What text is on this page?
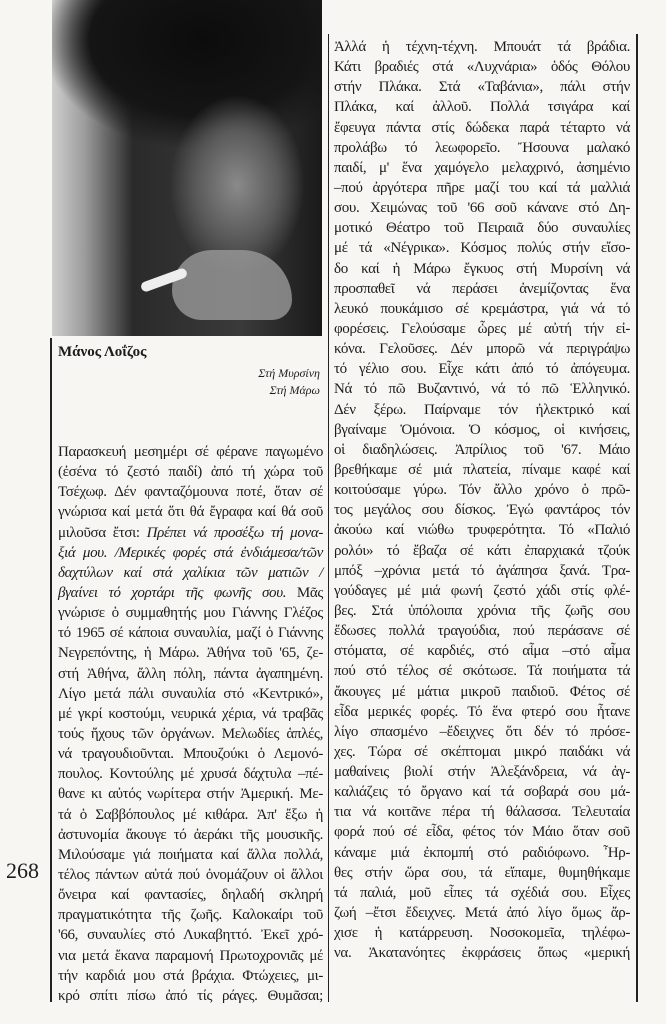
Μάνος Λοΐζος
Στή Μυρσίνη
Στή Μάρω
Παρασκευή μεσημέρι σέ φέρανε παγωμένο
(ἐσένα τό ζεστό παιδί) ἀπό τή χώρα τοῦ
Τσέχωφ. Δέν φανταζόμουνα ποτέ, ὅταν σέ
γνώρισα καί μετά ὅτι θά ἔγραφα καί θά σοῦ
μιλοῦσα ἔτσι: Πρέπει νά προσέξω τή μονα-
ξιά μου. /Μερικές φορές στά ἐνδιάμεσα/τῶν
δαχτύλων καί στά χαλίκια τῶν ματιῶν /
βγαίνει τό χορτάρι τῆς φωνῆς σου. Μᾶς
γνώρισε ὁ συμμαθητής μου Γιάννης Γλέζος
τό 1965 σέ κάποια συναυλία, μαζί ὁ Γιάννης
Νεγρεπόντης, ἡ Μάρω. Ἀθήνα τοῦ '65, ζε-
στή Ἀθήνα, ἄλλη πόλη, πάντα ἀγαπημένη.
Λίγο μετά πάλι συναυλία στό «Κεντρικό»,
μέ γκρί κοστούμι, νευρικά χέρια, νά τραβᾶς
τούς ἤχους τῶν ὀργάνων. Μελωδίες ἁπλές,
νά τραγουδιοῦνται. Μπουζούκι ὁ Λεμονό-
πουλος. Κοντούλης μέ χρυσά δάχτυλα –πέ-
θανε κι αὐτός νωρίτερα στήν Ἀμερική. Με-
τά ὁ Σαββόπουλος μέ κιθάρα. Ἀπ' ἔξω ἡ
ἀστυνομία ἄκουγε τό ἀεράκι τῆς μουσικῆς.
Μιλούσαμε γιά ποιήματα καί ἄλλα πολλά,
τέλος πάντων αὐτά πού ὀνομάζουν οἱ ἄλλοι
ὄνειρα καί φαντασίες, δηλαδή σκληρή
πραγματικότητα τῆς ζωῆς. Καλοκαίρι τοῦ
'66, συναυλίες στό Λυκαβηττό. Ἐκεῖ χρό-
νια μετά ἔκανα παραμονή Πρωτοχρονιᾶς μέ
τήν καρδιά μου στά βράχια. Φτώχειες, μι-
κρό σπίτι πίσω ἀπό τίς ράγες. Θυμᾶσαι;
Ἀλλά ἡ τέχνη-τέχνη. Μπουάτ τά βράδια.
Κάτι βραδιές στά «Λυχνάρια» ὁδός Θόλου
στήν Πλάκα. Στά «Ταβάνια», πάλι στήν
Πλάκα, καί ἀλλοῦ. Πολλά τσιγάρα καί
ἔφευγα πάντα στίς δώδεκα παρά τέταρτο νά
προλάβω τό λεωφορεῖο. Ἤσουνα μαλακό
παιδί, μ' ἕνα χαμόγελο μελαχρινό, ἀσημένιο
–πού ἀργότερα πῆρε μαζί του καί τά μαλλιά
σου. Χειμώνας τοῦ '66 σοῦ κάνανε στό Δη-
μοτικό Θέατρο τοῦ Πειραιᾶ δύο συναυλίες
μέ τά «Νέγρικα». Κόσμος πολύς στήν εἴσο-
δο καί ἡ Μάρω ἔγκυος στή Μυρσίνη νά
προσπαθεῖ νά περάσει ἀνεμίζοντας ἕνα
λευκό πουκάμισο σέ κρεμάστρα, γιά νά τό
φορέσεις. Γελούσαμε ὧρες μέ αὐτή τήν εἰ-
κόνα. Γελοῦσες. Δέν μπορῶ νά περιγράψω
τό γέλιο σου. Εἶχε κάτι ἀπό τό ἀπόγευμα.
Νά τό πῶ Βυζαντινό, νά τό πῶ Ἑλληνικό.
Δέν ξέρω. Παίρναμε τόν ἠλεκτρικό καί
βγαίναμε Ὁμόνοια. Ὁ κόσμος, οἱ κινήσεις,
οἱ διαδηλώσεις. Ἀπρίλιος τοῦ '67. Μάιο
βρεθήκαμε σέ μιά πλατεία, πίναμε καφέ καί
κοιτούσαμε γύρω. Τόν ἄλλο χρόνο ὁ πρῶ-
τος μεγάλος σου δίσκος. Ἐγώ φαντάρος τόν
ἀκούω καί νιώθω τρυφερότητα. Τό «Παλιό
ρολόι» τό ἔβαζα σέ κάτι ἐπαρχιακά τζούκ
μπόξ –χρόνια μετά τό ἀγάπησα ξανά. Τρα-
γούδαγες μέ μιά φωνή ζεστό χάδι στίς φλέ-
βες. Στά ὑπόλοιπα χρόνια τῆς ζωῆς σου
ἔδωσες πολλά τραγούδια, πού περάσανε σέ
στόματα, σέ καρδιές, στό αἷμα –στό αἷμα
πού στό τέλος σέ σκότωσε. Τά ποιήματα τά
ἄκουγες μέ μάτια μικροῦ παιδιοῦ. Φέτος σέ
εἶδα μερικές φορές. Τό ἕνα φτερό σου ἦτανε
λίγο σπασμένο –ἔδειχνες ὅτι δέν τό πρόσε-
χες. Τώρα σέ σκέπτομαι μικρό παιδάκι νά
μαθαίνεις βιολί στήν Ἀλεξάνδρεια, νά ἀγ-
καλιάζεις τό ὄργανο καί τά σοβαρά σου μά-
τια νά κοιτᾶνε πέρα τή θάλασσα. Τελευταία
φορά πού σέ εἶδα, φέτος τόν Μάιο ὅταν σοῦ
κάναμε μιά ἐκπομπή στό ραδιόφωνο. Ἦρ-
θες στήν ὥρα σου, τά εἴπαμε, θυμηθήκαμε
τά παλιά, μοῦ εἶπες τά σχέδιά σου. Εἶχες
ζωή –ἔτσι ἔδειχνες. Μετά ἀπό λίγο ὅμως ἄρ-
χισε ἡ κατάρρευση. Νοσοκομεῖα, τηλέφω-
να. Ἀκατανόητες ἐκφράσεις ὅπως «μερική
268
